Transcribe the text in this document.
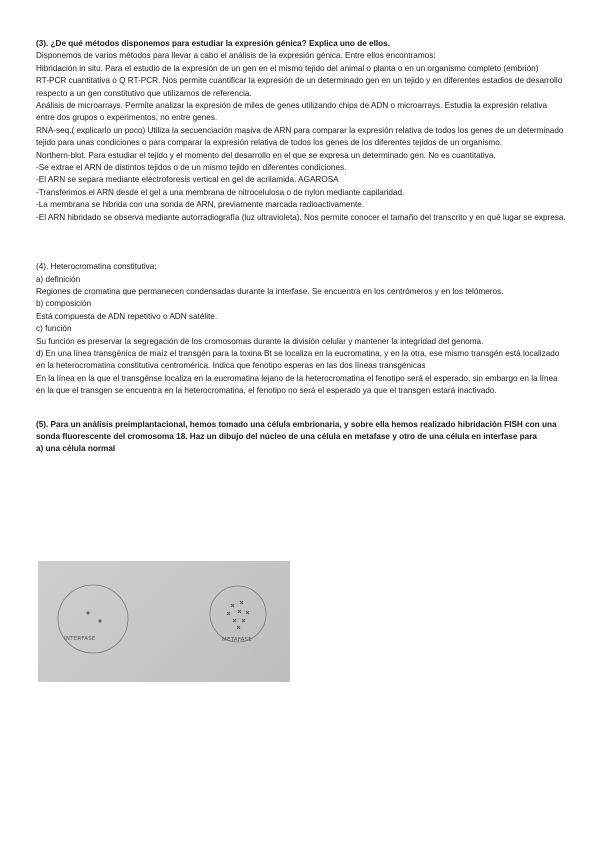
(3). ¿De qué métodos disponemos para estudiar la expresión génica? Explica uno de ellos.

Disponemos de varios métodos para llevar a cabo el análisis de la expresión génica. Entre ellos encontramos:

Hibridación in situ. Para el estudio de la expresión de un gen en el mismo tejido del animal o planta o en un organismo completo (embrión)

RT-PCR cuantitativa o Q RT-PCR. Nos permite cuantificar la expresión de un determinado gen en un tejido y en diferentes estadios de desarrollo respecto a un gen constitutivo que utilizamos de referencia.

Análisis de microarrays. Permite analizar la expresión de miles de genes utilizando chips de ADN o microarrays. Estudia la expresión relativa entre dos grupos o experimentos, no entre genes.

RNA-seq.( explicarlo un poco) Utiliza la secuenciación masiva de ARN para comparar la expresión relativa de todos los genes de un determinado tejido para unas condiciones o para comparar la expresión relativa de todos los genes de los diferentes tejidos de un organismo.

Northern-blot. Para estudiar el tejido y el momento del desarrollo en el que se expresa un determinado gen. No es cuantitativa.

-Se extrae el ARN de distintos tejidos o de un mismo tejido en diferentes condiciones.

-El ARN se separa mediante electroforesis vertical en gel de acrilamida. AGAROSA

-Transferimos el ARN desde el gel a una membrana de nitrocelulosa o de nylon mediante capilaridad.

-La membrana se hibrida con una sonda de ARN, previamente marcada radioactivamente.

-El ARN hibridado se observa mediante autorradiografía (luz ultravioleta). Nos permite conocer el tamaño del transcrito y en qué lugar se expresa.

(4). Heterocromatina constitutiva:

a) definición

Regiones de cromatina que permanecen condensadas durante la interfase. Se encuentra en los centrómeros y en los telómeros.

b) composición

Está compuesta de ADN repetitivo o ADN satélite.

c) función

Su función es preservar la segregación de los cromosomas durante la división celular y mantener la integridad del genoma.

d) En una línea transgénica de maíz el transgén para la toxina Bt se localiza en la eucromatina, y en la otra, ese mismo transgén está localizado en la heterocromatina constitutiva centromérica. Indica que fenotipo esperas en las dos líneas transgénicas

En la línea en la que el transgénse localiza en la eucromatina lejano de la heterocromatina el fenotipo será el esperado, sin embargo en la línea en la que el transgen se encuentra en la heterocromatina, el fenotipo no será el esperado ya que el transgen estará inactivado.

(5). Para un análisis preimplantacional, hemos tomado una célula embrionaria, y sobre ella hemos realizado hibridación FISH con una sonda fluorescente del cromosoma 18. Haz un dibujo del núcleo de una célula en metafase y otro de una célula en interfase para

a) una célula normal

INTERFASE	METAFASE
